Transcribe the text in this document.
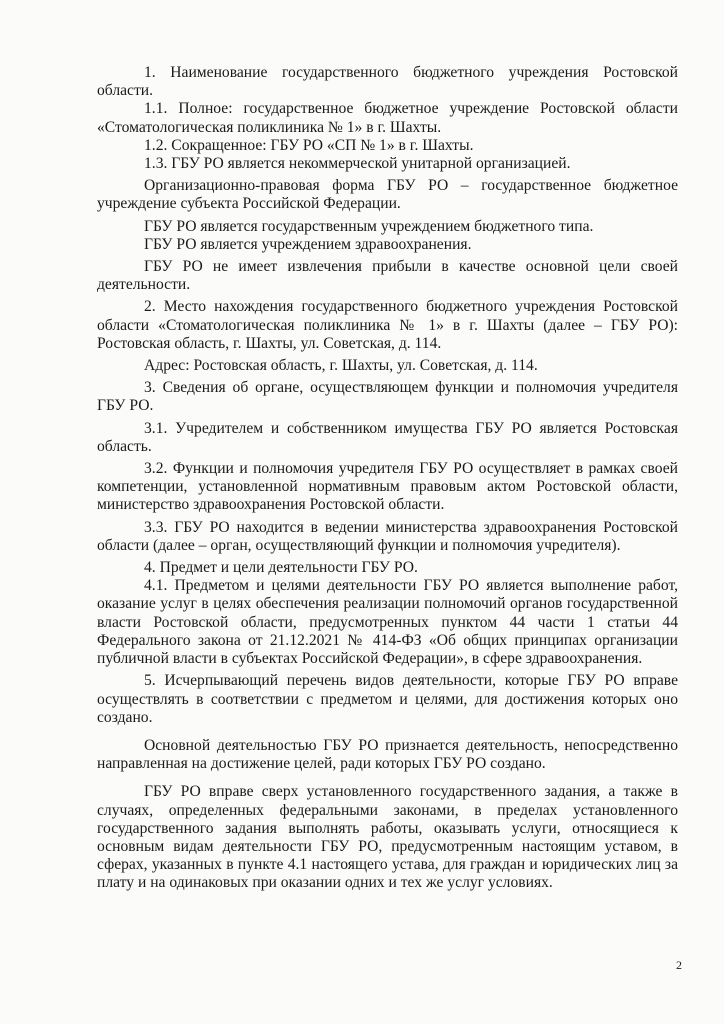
1. Наименование государственного бюджетного учреждения Ростовской области.

1.1. Полное: государственное бюджетное учреждение Ростовской области «Стоматологическая поликлиника № 1» в г. Шахты.

1.2. Сокращенное: ГБУ РО «СП № 1» в г. Шахты.

1.3. ГБУ РО является некоммерческой унитарной организацией.

Организационно-правовая форма ГБУ РО – государственное бюджетное учреждение субъекта Российской Федерации.

ГБУ РО является государственным учреждением бюджетного типа.

ГБУ РО является учреждением здравоохранения.

ГБУ РО не имеет извлечения прибыли в качестве основной цели своей деятельности.

2. Место нахождения государственного бюджетного учреждения Ростовской области «Стоматологическая поликлиника № 1» в г. Шахты (далее – ГБУ РО): Ростовская область, г. Шахты, ул. Советская, д. 114.

Адрес: Ростовская область, г. Шахты, ул. Советская, д. 114.

3. Сведения об органе, осуществляющем функции и полномочия учредителя ГБУ РО.

3.1. Учредителем и собственником имущества ГБУ РО является Ростовская область.

3.2. Функции и полномочия учредителя ГБУ РО осуществляет в рамках своей компетенции, установленной нормативным правовым актом Ростовской области, министерство здравоохранения Ростовской области.

3.3. ГБУ РО находится в ведении министерства здравоохранения Ростовской области (далее – орган, осуществляющий функции и полномочия учредителя).

4. Предмет и цели деятельности ГБУ РО.

4.1. Предметом и целями деятельности ГБУ РО является выполнение работ, оказание услуг в целях обеспечения реализации полномочий органов государственной власти Ростовской области, предусмотренных пунктом 44 части 1 статьи 44 Федерального закона от 21.12.2021 № 414-ФЗ «Об общих принципах организации публичной власти в субъектах Российской Федерации», в сфере здравоохранения.

5. Исчерпывающий перечень видов деятельности, которые ГБУ РО вправе осуществлять в соответствии с предметом и целями, для достижения которых оно создано.

Основной деятельностью ГБУ РО признается деятельность, непосредственно направленная на достижение целей, ради которых ГБУ РО создано.

ГБУ РО вправе сверх установленного государственного задания, а также в случаях, определенных федеральными законами, в пределах установленного государственного задания выполнять работы, оказывать услуги, относящиеся к основным видам деятельности ГБУ РО, предусмотренным настоящим уставом, в сферах, указанных в пункте 4.1 настоящего устава, для граждан и юридических лиц за плату и на одинаковых при оказании одних и тех же услуг условиях.

2
